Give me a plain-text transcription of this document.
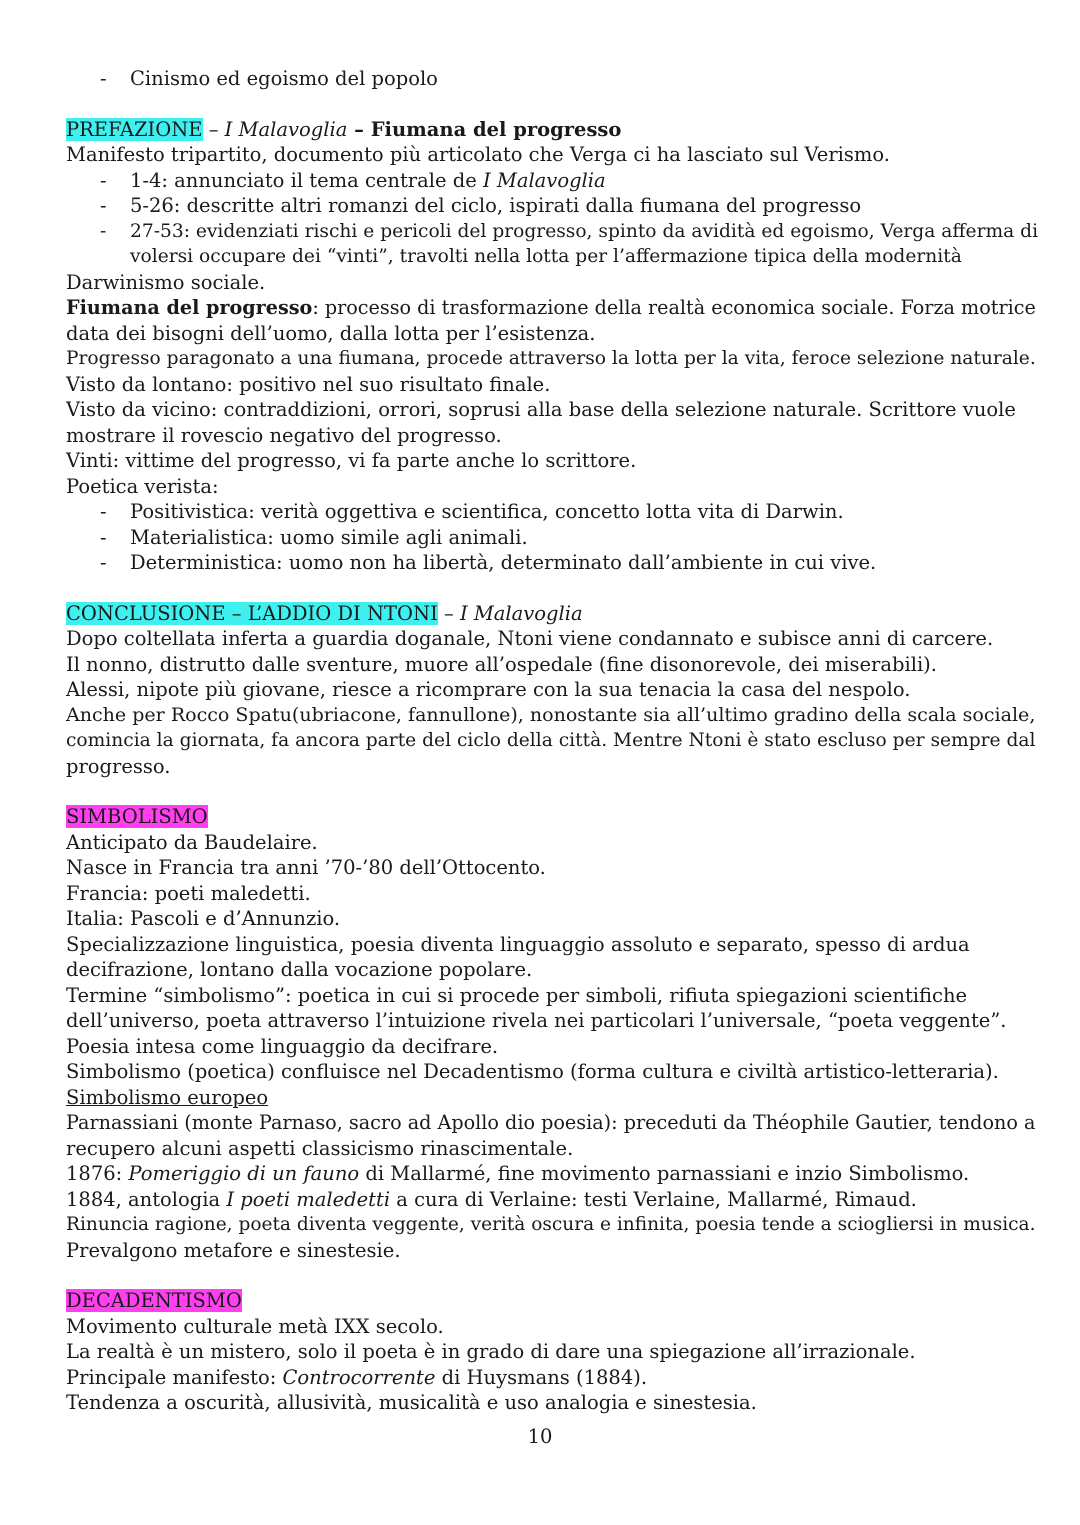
- Cinismo ed egoismo del popolo
PREFAZIONE – I Malavoglia – Fiumana del progresso
Manifesto tripartito, documento più articolato che Verga ci ha lasciato sul Verismo.
- 1-4: annunciato il tema centrale de I Malavoglia
- 5-26: descritte altri romanzi del ciclo, ispirati dalla fiumana del progresso
- 27-53: evidenziati rischi e pericoli del progresso, spinto da avidità ed egoismo, Verga afferma di
volersi occupare dei “vinti”, travolti nella lotta per l’affermazione tipica della modernità
Darwinismo sociale.
Fiumana del progresso: processo di trasformazione della realtà economica sociale. Forza motrice
data dei bisogni dell’uomo, dalla lotta per l’esistenza.
Progresso paragonato a una fiumana, procede attraverso la lotta per la vita, feroce selezione naturale.
Visto da lontano: positivo nel suo risultato finale.
Visto da vicino: contraddizioni, orrori, soprusi alla base della selezione naturale. Scrittore vuole
mostrare il rovescio negativo del progresso.
Vinti: vittime del progresso, vi fa parte anche lo scrittore.
Poetica verista:
- Positivistica: verità oggettiva e scientifica, concetto lotta vita di Darwin.
- Materialistica: uomo simile agli animali.
- Deterministica: uomo non ha libertà, determinato dall’ambiente in cui vive.
CONCLUSIONE – L’ADDIO DI NTONI – I Malavoglia
Dopo coltellata inferta a guardia doganale, Ntoni viene condannato e subisce anni di carcere.
Il nonno, distrutto dalle sventure, muore all’ospedale (fine disonorevole, dei miserabili).
Alessi, nipote più giovane, riesce a ricomprare con la sua tenacia la casa del nespolo.
Anche per Rocco Spatu(ubriacone, fannullone), nonostante sia all’ultimo gradino della scala sociale,
comincia la giornata, fa ancora parte del ciclo della città. Mentre Ntoni è stato escluso per sempre dal
progresso.
SIMBOLISMO
Anticipato da Baudelaire.
Nasce in Francia tra anni ’70-’80 dell’Ottocento.
Francia: poeti maledetti.
Italia: Pascoli e d’Annunzio.
Specializzazione linguistica, poesia diventa linguaggio assoluto e separato, spesso di ardua
decifrazione, lontano dalla vocazione popolare.
Termine “simbolismo”: poetica in cui si procede per simboli, rifiuta spiegazioni scientifiche
dell’universo, poeta attraverso l’intuizione rivela nei particolari l’universale, “poeta veggente”.
Poesia intesa come linguaggio da decifrare.
Simbolismo (poetica) confluisce nel Decadentismo (forma cultura e civiltà artistico-letteraria).
Simbolismo europeo
Parnassiani (monte Parnaso, sacro ad Apollo dio poesia): preceduti da Théophile Gautier, tendono a
recupero alcuni aspetti classicismo rinascimentale.
1876: Pomeriggio di un fauno di Mallarmé, fine movimento parnassiani e inzio Simbolismo.
1884, antologia I poeti maledetti a cura di Verlaine: testi Verlaine, Mallarmé, Rimaud.
Rinuncia ragione, poeta diventa veggente, verità oscura e infinita, poesia tende a sciogliersi in musica.
Prevalgono metafore e sinestesie.
DECADENTISMO
Movimento culturale metà IXX secolo.
La realtà è un mistero, solo il poeta è in grado di dare una spiegazione all’irrazionale.
Principale manifesto: Controcorrente di Huysmans (1884).
Tendenza a oscurità, allusività, musicalità e uso analogia e sinestesia.
10
